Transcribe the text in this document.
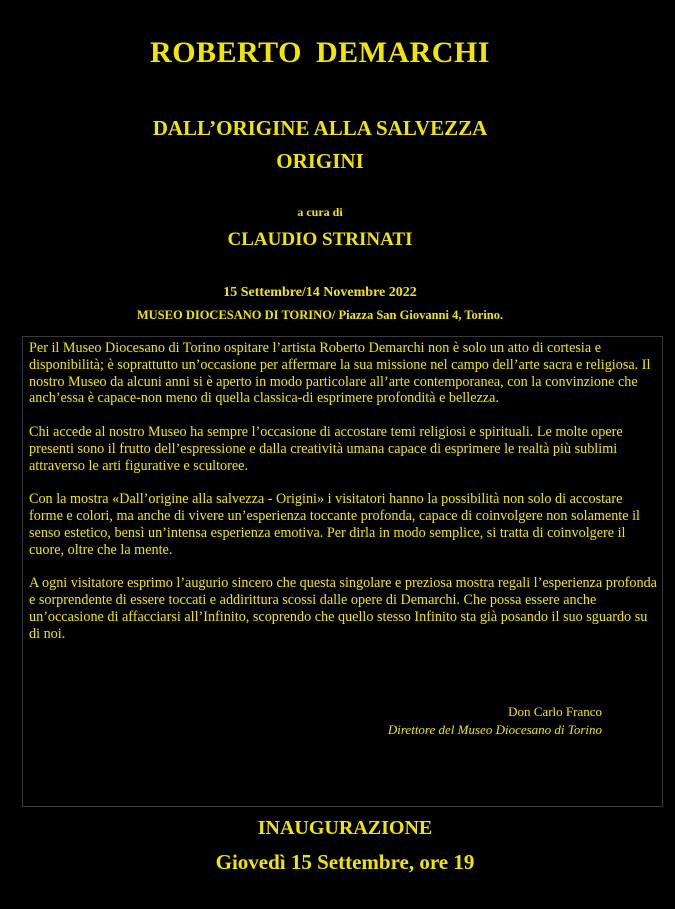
ROBERTO DEMARCHI
DALL’ORIGINE ALLA SALVEZZA
ORIGINI
a cura di
CLAUDIO STRINATI
15 Settembre/14 Novembre 2022
MUSEO DIOCESANO DI TORINO/ Piazza San Giovanni 4, Torino.

Per il Museo Diocesano di Torino ospitare l’artista Roberto Demarchi non è solo un atto di cortesia e disponibilità; è soprattutto un’occasione per affermare la sua missione nel campo dell’arte sacra e religiosa. Il nostro Museo da alcuni anni si è aperto in modo particolare all’arte contemporanea, con la convinzione che anch’essa è capace-non meno di quella classica-di esprimere profondità e bellezza.

Chi accede al nostro Museo ha sempre l’occasione di accostare temi religiosi e spirituali. Le molte opere presenti sono il frutto dell’espressione e dalla creatività umana capace di esprimere le realtà più sublimi attraverso le arti figurative e scultoree.

Con la mostra «Dall’origine alla salvezza - Origini» i visitatori hanno la possibilità non solo di accostare forme e colori, ma anche di vivere un’esperienza toccante profonda, capace di coinvolgere non solamente il senso estetico, bensì un’intensa esperienza emotiva. Per dirla in modo semplice, si tratta di coinvolgere il cuore, oltre che la mente.

A ogni visitatore esprimo l’augurio sincero che questa singolare e preziosa mostra regali l’esperienza profonda e sorprendente di essere toccati e addirittura scossi dalle opere di Demarchi. Che possa essere anche un’occasione di affacciarsi all’Infinito, scoprendo che quello stesso Infinito sta già posando il suo sguardo su di noi.

Don Carlo Franco
Direttore del Museo Diocesano di Torino
INAUGURAZIONE
Giovedì 15 Settembre, ore 19
